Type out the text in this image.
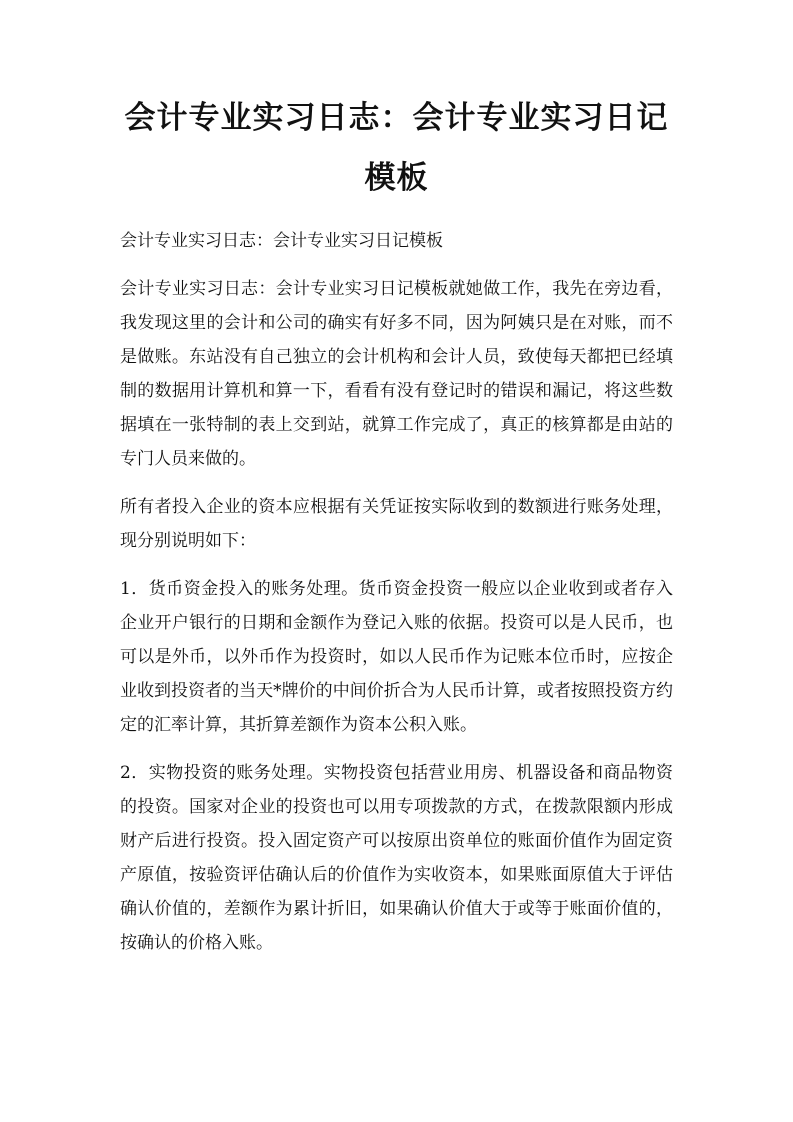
会计专业实习日志：会计专业实习日记模板

会计专业实习日志：会计专业实习日记模板

会计专业实习日志：会计专业实习日记模板就她做工作，我先在旁边看，我发现这里的会计和公司的确实有好多不同，因为阿姨只是在对账，而不是做账。东站没有自己独立的会计机构和会计人员，致使每天都把已经填制的数据用计算机和算一下，看看有没有登记时的错误和漏记，将这些数据填在一张特制的表上交到站，就算工作完成了，真正的核算都是由站的专门人员来做的。

所有者投入企业的资本应根据有关凭证按实际收到的数额进行账务处理，现分别说明如下：

1．货币资金投入的账务处理。货币资金投资一般应以企业收到或者存入企业开户银行的日期和金额作为登记入账的依据。投资可以是人民币，也可以是外币，以外币作为投资时，如以人民币作为记账本位币时，应按企业收到投资者的当天*牌价的中间价折合为人民币计算，或者按照投资方约定的汇率计算，其折算差额作为资本公积入账。

2．实物投资的账务处理。实物投资包括营业用房、机器设备和商品物资的投资。国家对企业的投资也可以用专项拨款的方式，在拨款限额内形成财产后进行投资。投入固定资产可以按原出资单位的账面价值作为固定资产原值，按验资评估确认后的价值作为实收资本，如果账面原值大于评估确认价值的，差额作为累计折旧，如果确认价值大于或等于账面价值的，按确认的价格入账。
